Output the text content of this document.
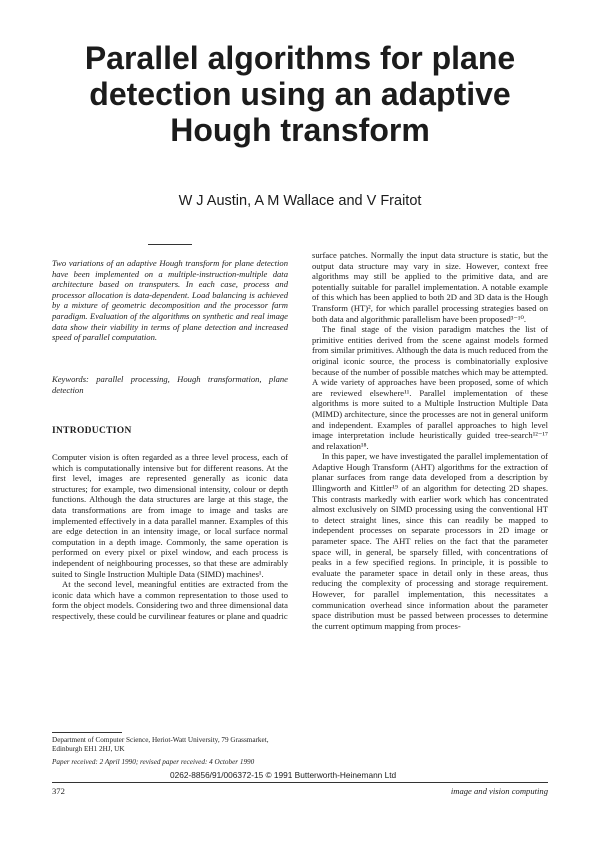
Parallel algorithms for plane detection using an adaptive Hough transform
W J Austin, A M Wallace and V Fraitot

Two variations of an adaptive Hough transform for plane detection have been implemented on a multiple-instruction-multiple data architecture based on transputers. In each case, process and processor allocation is data-dependent. Load balancing is achieved by a mixture of geometric decomposition and the processor farm paradigm. Evaluation of the algorithms on synthetic and real image data show their viability in terms of plane detection and increased speed of parallel computation.

Keywords: parallel processing, Hough transformation, plane detection

INTRODUCTION

Computer vision is often regarded as a three level process, each of which is computationally intensive but for different reasons. At the first level, images are represented generally as iconic data structures; for example, two dimensional intensity, colour or depth functions. Although the data structures are large at this stage, the data transformations are from image to image and tasks are implemented effectively in a data parallel manner. Examples of this are edge detection in an intensity image, or local surface normal computation in a depth image. Commonly, the same operation is performed on every pixel or pixel window, and each process is independent of neighbouring processes, so that these are admirably suited to Single Instruction Multiple Data (SIMD) machines¹.

At the second level, meaningful entities are extracted from the iconic data which have a common representation to those used to form the object models. Considering two and three dimensional data respectively, these could be curvilinear features or plane and quadric

surface patches. Normally the input data structure is static, but the output data structure may vary in size. However, context free algorithms may still be applied to the primitive data, and are potentially suitable for parallel implementation. A notable example of this which has been applied to both 2D and 3D data is the Hough Transform (HT)², for which parallel processing strategies based on both data and algorithmic parallelism have been proposed³⁻¹⁰.

The final stage of the vision paradigm matches the list of primitive entities derived from the scene against models formed from similar primitives. Although the data is much reduced from the original iconic source, the process is combinatorially explosive because of the number of possible matches which may be attempted. A wide variety of approaches have been proposed, some of which are reviewed elsewhere¹¹. Parallel implementation of these algorithms is more suited to a Multiple Instruction Multiple Data (MIMD) architecture, since the processes are not in general uniform and independent. Examples of parallel approaches to high level image interpretation include heuristically guided tree-search¹²⁻¹⁷ and relaxation¹⁸.

In this paper, we have investigated the parallel implementation of Adaptive Hough Transform (AHT) algorithms for the extraction of planar surfaces from range data developed from a description by Illingworth and Kittler¹⁹ of an algorithm for detecting 2D shapes. This contrasts markedly with earlier work which has concentrated almost exclusively on SIMD processing using the conventional HT to detect straight lines, since this can readily be mapped to independent processes on separate processors in 2D image or parameter space. The AHT relies on the fact that the parameter space will, in general, be sparsely filled, with concentrations of peaks in a few specified regions. In principle, it is possible to evaluate the parameter space in detail only in these areas, thus reducing the complexity of processing and storage requirement. However, for parallel implementation, this necessitates a communication overhead since information about the parameter space distribution must be passed between processes to determine the current optimum mapping from proces-

Department of Computer Science, Heriot-Watt University, 79 Grassmarket, Edinburgh EH1 2HJ, UK
Paper received: 2 April 1990; revised paper received: 4 October 1990
0262-8856/91/006372-15 © 1991 Butterworth-Heinemann Ltd
372	image and vision computing
